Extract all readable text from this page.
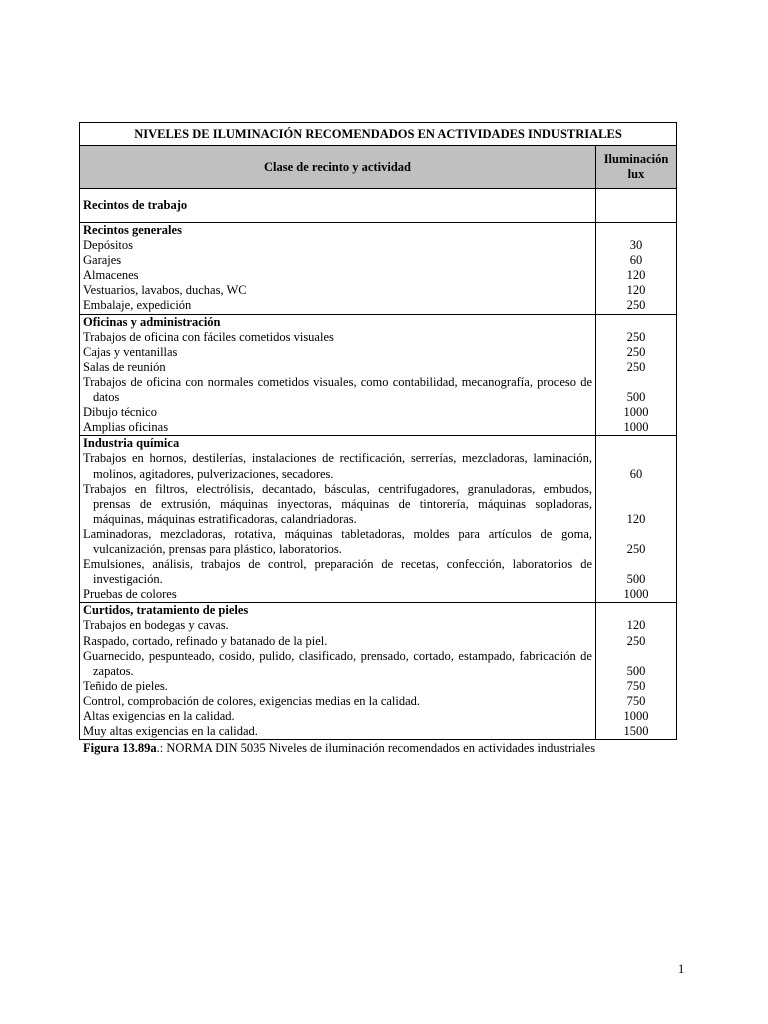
NIVELES DE ILUMINACIÓN RECOMENDADOS EN ACTIVIDADES INDUSTRIALES
Clase de recinto y actividad
Iluminación
lux
Recintos de trabajo
Recintos generales
Depósitos
Garajes
Almacenes
Vestuarios, lavabos, duchas, WC
Embalaje, expedición
30
60
120
120
250
Oficinas y administración
Trabajos de oficina con fáciles cometidos visuales
Cajas y ventanillas
Salas de reunión
Trabajos de oficina con normales cometidos visuales, como contabilidad, mecanografía, proceso de
datos
Dibujo técnico
Amplias oficinas
250
250
250
500
1000
1000
Industria química
Trabajos en hornos, destilerías, instalaciones de rectificación, serrerías, mezcladoras, laminación,
molinos, agitadores, pulverizaciones, secadores.
Trabajos en filtros, electrólisis, decantado, básculas, centrifugadores, granuladoras, embudos,
prensas de extrusión, máquinas inyectoras, máquinas de tintorería, máquinas sopladoras,
máquinas, máquinas estratificadoras, calandriadoras.
Laminadoras, mezcladoras, rotativa, máquinas tabletadoras, moldes para artículos de goma,
vulcanización, prensas para plástico, laboratorios.
Emulsiones, análisis, trabajos de control, preparación de recetas, confección, laboratorios de
investigación.
Pruebas de colores
60
120
250
500
1000
Curtidos, tratamiento de pieles
Trabajos en bodegas y cavas.
Raspado, cortado, refinado y batanado de la piel.
Guarnecido, pespunteado, cosido, pulido, clasificado, prensado, cortado, estampado, fabricación de
zapatos.
Teñido de pieles.
Control, comprobación de colores, exigencias medias en la calidad.
Altas exigencias en la calidad.
Muy altas exigencias en la calidad.
120
250
500
750
750
1000
1500
Figura 13.89a.: NORMA DIN 5035 Niveles de iluminación recomendados en actividades industriales
1
